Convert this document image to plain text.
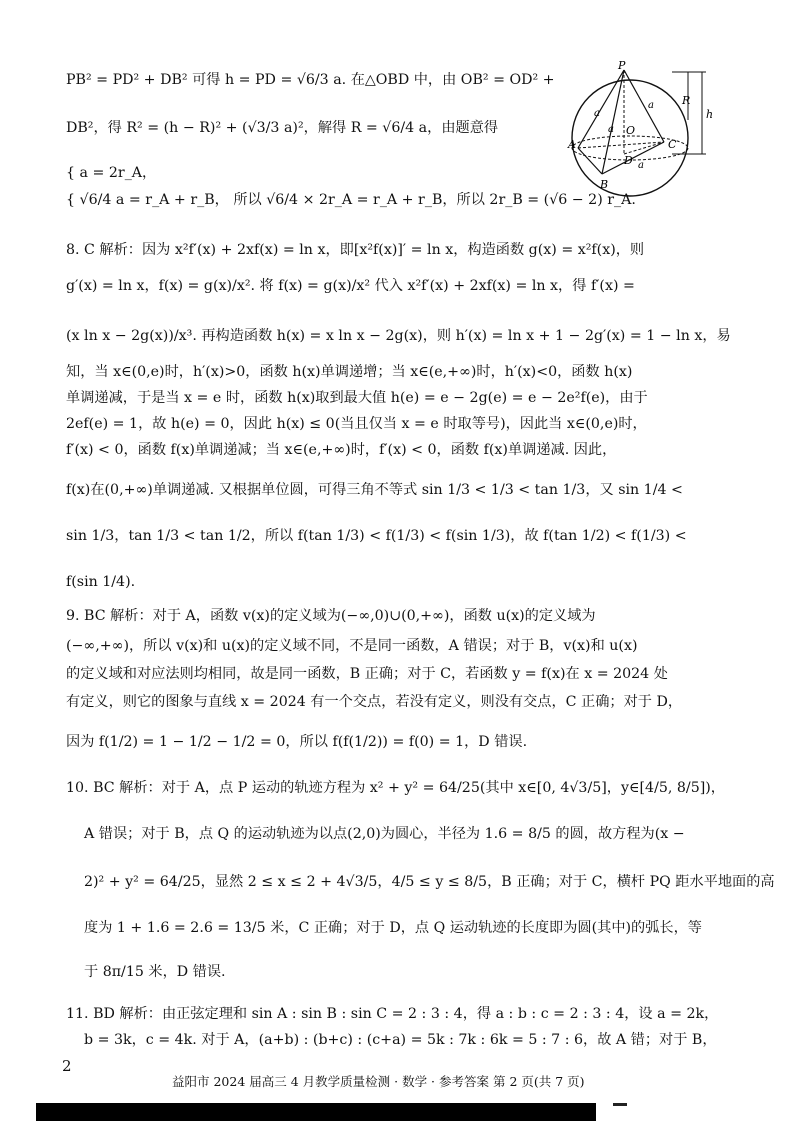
PB² = PD² + DB² 可得 h = PD = √6/3 a. 在△OBD 中，由 OB² = OD² +
DB²，得 R² = (h − R)² + (√3/3 a)²，解得 R = √6/4 a，由题意得
{ a = 2r_A，
{ √6/4 a = r_A + r_B， 所以 √6/4 × 2r_A = r_A + r_B，所以 2r_B = (√6 − 2) r_A.
P
R
h
a
a
a
a
O
A	C
D
B
8. C 解析：因为 x²f′(x) + 2xf(x) = ln x，即[x²f(x)]′ = ln x，构造函数 g(x) = x²f(x)，则
g′(x) = ln x，f(x) = g(x)/x². 将 f(x) = g(x)/x² 代入 x²f′(x) + 2xf(x) = ln x，得 f′(x) =
(x ln x − 2g(x))/x³. 再构造函数 h(x) = x ln x − 2g(x)，则 h′(x) = ln x + 1 − 2g′(x) = 1 − ln x，易
知，当 x∈(0,e)时，h′(x)>0，函数 h(x)单调递增；当 x∈(e,+∞)时，h′(x)<0，函数 h(x)
单调递减，于是当 x = e 时，函数 h(x)取到最大值 h(e) = e − 2g(e) = e − 2e²f(e)，由于
2ef(e) = 1，故 h(e) = 0，因此 h(x) ≤ 0(当且仅当 x = e 时取等号)，因此当 x∈(0,e)时，
f′(x) < 0，函数 f(x)单调递减；当 x∈(e,+∞)时，f′(x) < 0，函数 f(x)单调递减. 因此，
f(x)在(0,+∞)单调递减. 又根据单位圆，可得三角不等式 sin 1/3 < 1/3 < tan 1/3，又 sin 1/4 <
sin 1/3，tan 1/3 < tan 1/2，所以 f(tan 1/3) < f(1/3) < f(sin 1/3)，故 f(tan 1/2) < f(1/3) <
f(sin 1/4).
9. BC 解析：对于 A，函数 v(x)的定义域为(−∞,0)∪(0,+∞)，函数 u(x)的定义域为
(−∞,+∞)，所以 v(x)和 u(x)的定义域不同，不是同一函数，A 错误；对于 B，v(x)和 u(x)
的定义域和对应法则均相同，故是同一函数，B 正确；对于 C，若函数 y = f(x)在 x = 2024 处
有定义，则它的图象与直线 x = 2024 有一个交点，若没有定义，则没有交点，C 正确；对于 D，
因为 f(1/2) = 1 − 1/2 − 1/2 = 0，所以 f(f(1/2)) = f(0) = 1，D 错误.
10. BC 解析：对于 A，点 P 运动的轨迹方程为 x² + y² = 64/25(其中 x∈[0, 4√3/5]，y∈[4/5, 8/5])，
A 错误；对于 B，点 Q 的运动轨迹为以点(2,0)为圆心，半径为 1.6 = 8/5 的圆，故方程为(x −
2)² + y² = 64/25，显然 2 ≤ x ≤ 2 + 4√3/5，4/5 ≤ y ≤ 8/5，B 正确；对于 C，横杆 PQ 距水平地面的高
度为 1 + 1.6 = 2.6 = 13/5 米，C 正确；对于 D，点 Q 运动轨迹的长度即为圆(其中)的弧长，等
于 8π/15 米，D 错误.
11. BD 解析：由正弦定理和 sin A : sin B : sin C = 2 : 3 : 4，得 a : b : c = 2 : 3 : 4，设 a = 2k，
b = 3k，c = 4k. 对于 A，(a+b) : (b+c) : (c+a) = 5k : 7k : 6k = 5 : 7 : 6，故 A 错；对于 B，
2
益阳市 2024 届高三 4 月教学质量检测 · 数学 · 参考答案 第 2 页(共 7 页)
